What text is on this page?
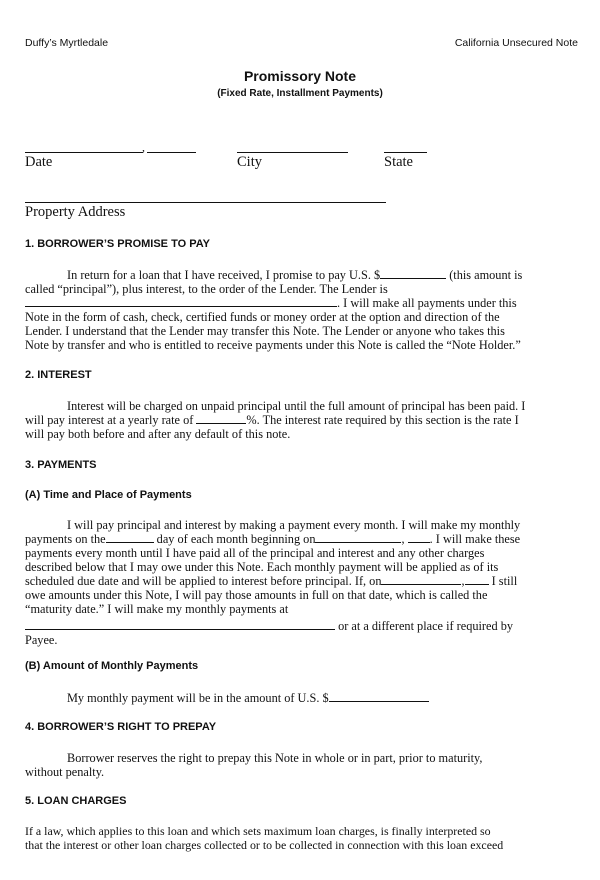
Duffy’s Myrtledale	California Unsecured Note
Promissory Note
(Fixed Rate, Installment Payments)
,
Date	City	State
Property Address
1. BORROWER’S PROMISE TO PAY
In return for a loan that I have received, I promise to pay U.S. $	(this amount is
called “principal”), plus interest, to the order of the Lender. The Lender is
. I will make all payments under this
Note in the form of cash, check, certified funds or money order at the option and direction of the
Lender. I understand that the Lender may transfer this Note. The Lender or anyone who takes this
Note by transfer and who is entitled to receive payments under this Note is called the “Note Holder.”
2. INTEREST
Interest will be charged on unpaid principal until the full amount of principal has been paid. I
will pay interest at a yearly rate of	%. The interest rate required by this section is the rate I
will pay both before and after any default of this note.
3. PAYMENTS
(A) Time and Place of Payments
I will pay principal and interest by making a payment every month. I will make my monthly
payments on the	day of each month beginning on	, . I will make these
payments every month until I have paid all of the principal and interest and any other charges
described below that I may owe under this Note. Each monthly payment will be applied as of its
scheduled due date and will be applied to interest before principal. If, on	, I still
owe amounts under this Note, I will pay those amounts in full on that date, which is called the
“maturity date.” I will make my monthly payments at
or at a different place if required by
Payee.
(B) Amount of Monthly Payments
My monthly payment will be in the amount of U.S. $
4. BORROWER’S RIGHT TO PREPAY
Borrower reserves the right to prepay this Note in whole or in part, prior to maturity,
without penalty.
5. LOAN CHARGES
If a law, which applies to this loan and which sets maximum loan charges, is finally interpreted so
that the interest or other loan charges collected or to be collected in connection with this loan exceed
